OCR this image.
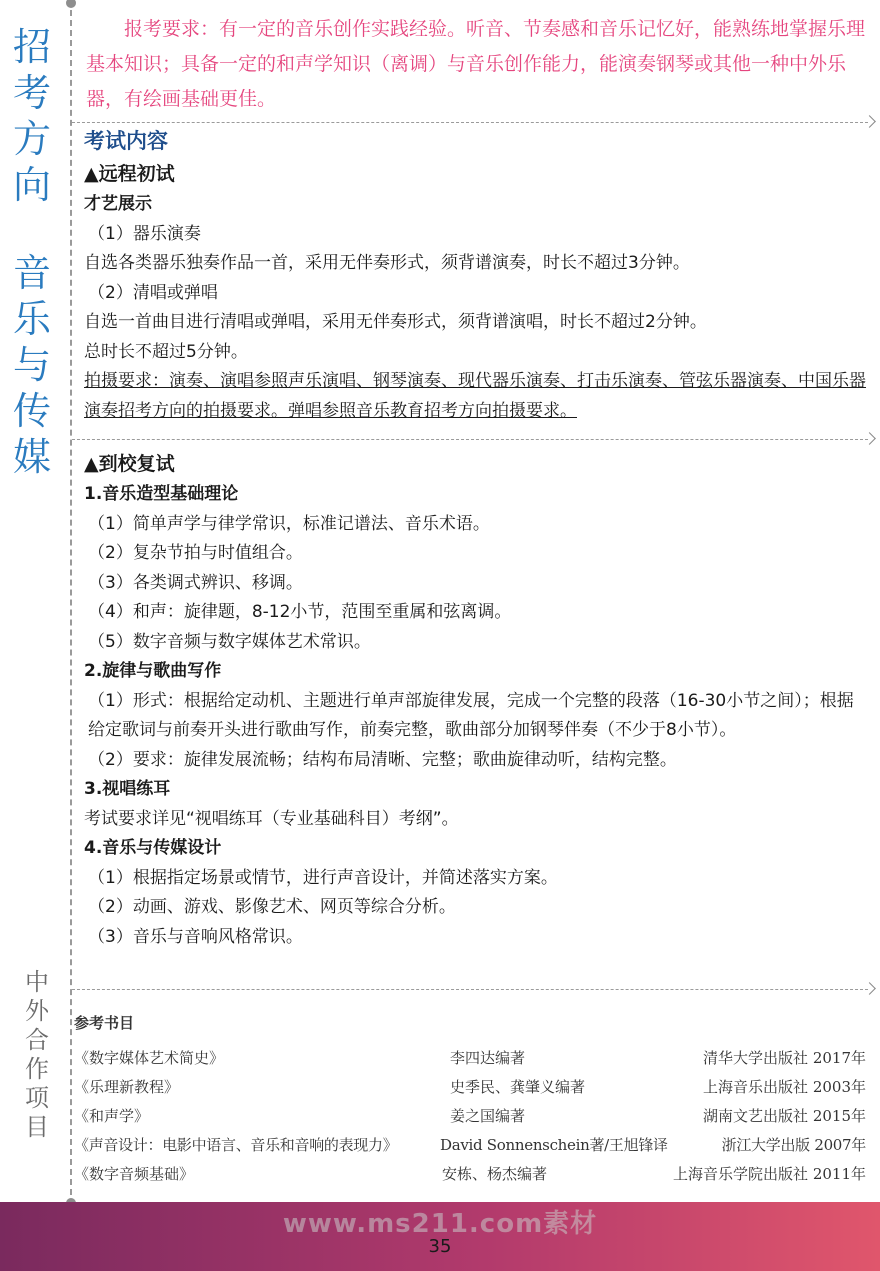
招
考
方
向
音
乐
与
传
媒
中
外
合
作
项
目

报考要求：有一定的音乐创作实践经验。听音、节奏感和音乐记忆好，能熟练地掌握乐理基本知识；具备一定的和声学知识（离调）与音乐创作能力，能演奏钢琴或其他一种中外乐器，有绘画基础更佳。

考试内容

▲远程初试

才艺展示

（1）器乐演奏

自选各类器乐独奏作品一首，采用无伴奏形式，须背谱演奏，时长不超过3分钟。

（2）清唱或弹唱

自选一首曲目进行清唱或弹唱，采用无伴奏形式，须背谱演唱，时长不超过2分钟。

总时长不超过5分钟。

拍摄要求：演奏、演唱参照声乐演唱、钢琴演奏、现代器乐演奏、打击乐演奏、管弦乐器演奏、中国乐器演奏招考方向的拍摄要求。弹唱参照音乐教育招考方向拍摄要求。

▲到校复试

1.音乐造型基础理论

（1）简单声学与律学常识，标准记谱法、音乐术语。

（2）复杂节拍与时值组合。

（3）各类调式辨识、移调。

（4）和声：旋律题，8-12小节，范围至重属和弦离调。

（5）数字音频与数字媒体艺术常识。

2.旋律与歌曲写作

（1）形式：根据给定动机、主题进行单声部旋律发展，完成一个完整的段落（16-30小节之间）；根据给定歌词与前奏开头进行歌曲写作，前奏完整，歌曲部分加钢琴伴奏（不少于8小节）。

（2）要求：旋律发展流畅；结构布局清晰、完整；歌曲旋律动听，结构完整。

3.视唱练耳

考试要求详见“视唱练耳（专业基础科目）考纲”。

4.音乐与传媒设计

（1）根据指定场景或情节，进行声音设计，并简述落实方案。

（2）动画、游戏、影像艺术、网页等综合分析。

（3）音乐与音响风格常识。

参考书目

《数字媒体艺术简史》	李四达编著	清华大学出版社 2017年
《乐理新教程》	史季民、龚肇义编著	上海音乐出版社 2003年
《和声学》	姜之国编著	湖南文艺出版社 2015年
《声音设计：电影中语言、音乐和音响的表现力》	David Sonnenschein著/王旭锋译	浙江大学出版 2007年
《数字音频基础》	安栋、杨杰编著	上海音乐学院出版社 2011年
www.ms211.com素材
35
